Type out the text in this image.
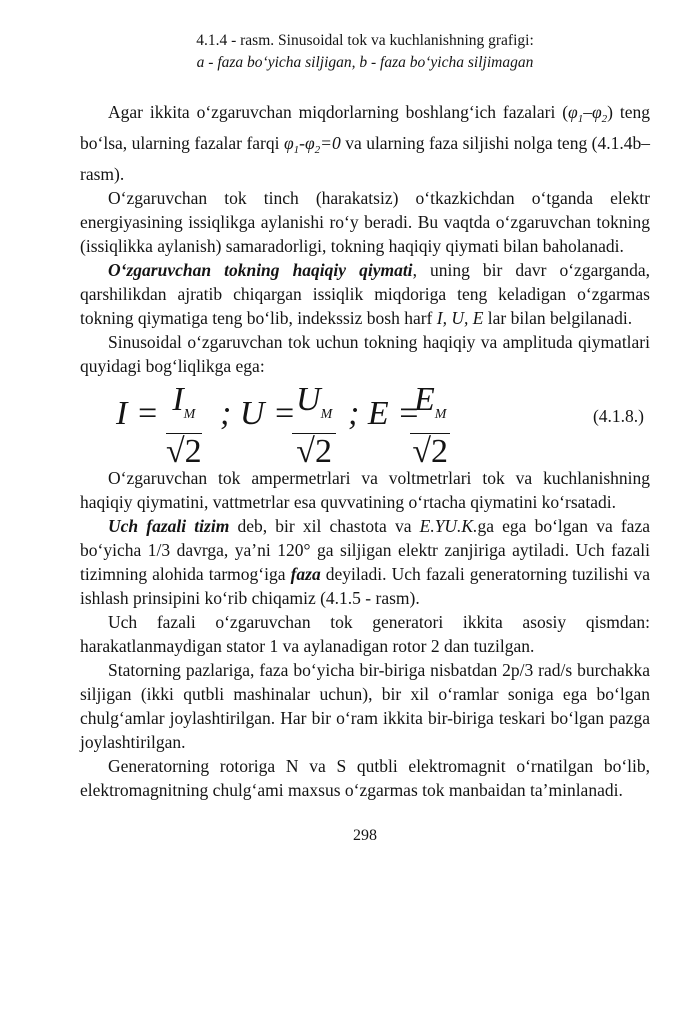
4.1.4 - rasm. Sinusoidal tok va kuchlanishning grafigi:
a - faza bo‘yicha siljigan, b - faza bo‘yicha siljimagan

Agar ikkita o‘zgaruvchan miqdorlarning boshlang‘ich fazalari $(\varphi_1-\varphi_2)$ teng bo‘lsa, ularning fazalar farqi $\varphi_1-\varphi_2=0$ va ularning faza siljishi nolga teng (4.1.4b–rasm).

O‘zgaruvchan tok tinch (harakatsiz) o‘tkazkichdan o‘tganda elektr energiyasining issiqlikga aylanishi ro‘y beradi. Bu vaqtda o‘zgaruvchan tokning (issiqlikka aylanish) samaradorligi, tokning haqiqiy qiymati bilan baholanadi.

O‘zgaruvchan tokning haqiqiy qiymati, uning bir davr o‘zgarganda, qarshilikdan ajratib chiqargan issiqlik miqdoriga teng keladigan o‘zgarmas tokning qiymatiga teng bo‘lib, indekssiz bosh harf I, U, E lar bilan belgilanadi.

Sinusoidal o‘zgaruvchan tok uchun tokning haqiqiy va amplituda qiymatlari quyidagi bog‘liqlikga ega:

$I = \frac{I_M}{√2}$ ; U =
$\frac{U_M}{√2}$ ; E =
$\frac{E_M}{√2}$	(4.1.8.)

O‘zgaruvchan tok ampermetrlari va voltmetrlari tok va kuchlanishning haqiqiy qiymatini, vattmetrlar esa quvvatining o‘rtacha qiymatini ko‘rsatadi.

Uch fazali tizim deb, bir xil chastota va E.YU.K.ga ega bo‘lgan va faza bo‘yicha 1/3 davrga, ya’ni 120° ga siljigan elektr zanjiriga aytiladi. Uch fazali tizimning alohida tarmog‘iga faza deyiladi. Uch fazali generatorning tuzilishi va ishlash prinsipini ko‘rib chiqamiz (4.1.5 - rasm).

Uch fazali o‘zgaruvchan tok generatori ikkita asosiy qismdan: harakatlanmaydigan stator 1 va aylanadigan rotor 2 dan tuzilgan.

Statorning pazlariga, faza bo‘yicha bir-biriga nisbatdan 2p/3 rad/s burchakka siljigan (ikki qutbli mashinalar uchun), bir xil o‘ramlar soniga ega bo‘lgan chulg‘amlar joylashtirilgan. Har bir o‘ram ikkita bir-biriga teskari bo‘lgan pazga joylashtirilgan.

Generatorning rotoriga N va S qutbli elektromagnit o‘rnatilgan bo‘lib, elektromagnitning chulg‘ami maxsus o‘zgarmas tok manbaidan ta’minlanadi.

298
